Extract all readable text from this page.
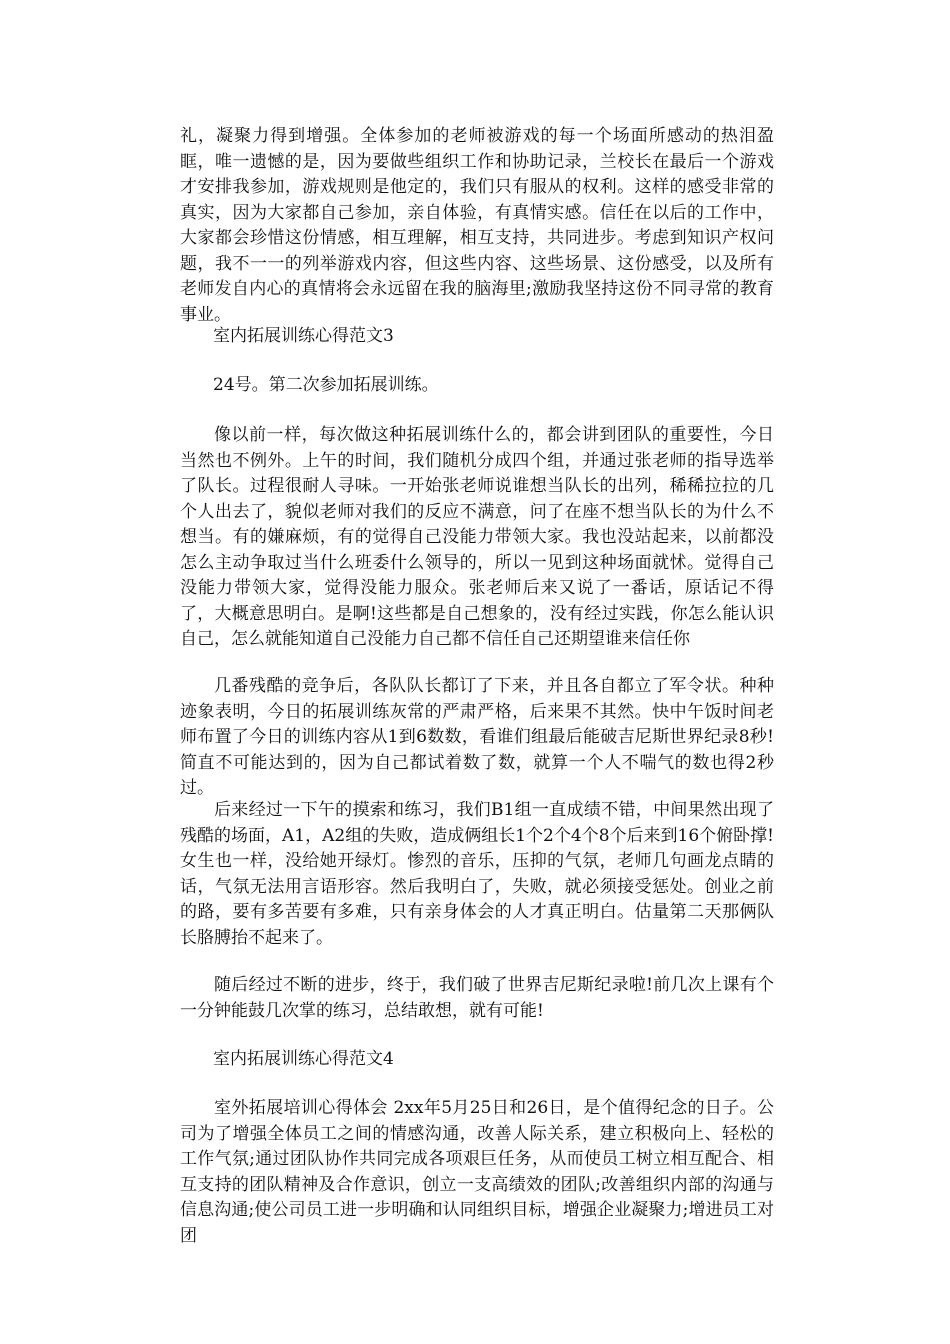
礼，凝聚力得到增强。全体参加的老师被游戏的每一个场面所感动的热泪盈眶，唯一遗憾的是，因为要做些组织工作和协助记录，兰校长在最后一个游戏才安排我参加，游戏规则是他定的，我们只有服从的权利。这样的感受非常的真实，因为大家都自己参加，亲自体验，有真情实感。信任在以后的工作中，大家都会珍惜这份情感，相互理解，相互支持，共同进步。考虑到知识产权问题，我不一一的列举游戏内容，但这些内容、这些场景、这份感受，以及所有老师发自内心的真情将会永远留在我的脑海里;激励我坚持这份不同寻常的教育事业。

室内拓展训练心得范文3

24号。第二次参加拓展训练。

像以前一样，每次做这种拓展训练什么的，都会讲到团队的重要性，今日当然也不例外。上午的时间，我们随机分成四个组，并通过张老师的指导选举了队长。过程很耐人寻味。一开始张老师说谁想当队长的出列，稀稀拉拉的几个人出去了，貌似老师对我们的反应不满意，问了在座不想当队长的为什么不想当。有的嫌麻烦，有的觉得自己没能力带领大家。我也没站起来，以前都没怎么主动争取过当什么班委什么领导的，所以一见到这种场面就怵。觉得自己没能力带领大家，觉得没能力服众。张老师后来又说了一番话，原话记不得了，大概意思明白。是啊!这些都是自己想象的，没有经过实践，你怎么能认识自己，怎么就能知道自己没能力自己都不信任自己还期望谁来信任你

几番残酷的竞争后，各队队长都订了下来，并且各自都立了军令状。种种迹象表明，今日的拓展训练灰常的严肃严格，后来果不其然。快中午饭时间老师布置了今日的训练内容从1到6数数，看谁们组最后能破吉尼斯世界纪录8秒!简直不可能达到的，因为自己都试着数了数，就算一个人不喘气的数也得2秒过。

后来经过一下午的摸索和练习，我们B1组一直成绩不错，中间果然出现了残酷的场面，A1，A2组的失败，造成俩组长1个2个4个8个后来到16个俯卧撑!女生也一样，没给她开绿灯。惨烈的音乐，压抑的气氛，老师几句画龙点睛的话，气氛无法用言语形容。然后我明白了，失败，就必须接受惩处。创业之前的路，要有多苦要有多难，只有亲身体会的人才真正明白。估量第二天那俩队长胳膊抬不起来了。

随后经过不断的进步，终于，我们破了世界吉尼斯纪录啦!前几次上课有个一分钟能鼓几次掌的练习，总结敢想，就有可能!

室内拓展训练心得范文4

室外拓展培训心得体会 2xx年5月25日和26日，是个值得纪念的日子。公司为了增强全体员工之间的情感沟通，改善人际关系，建立积极向上、轻松的工作气氛;通过团队协作共同完成各项艰巨任务，从而使员工树立相互配合、相互支持的团队精神及合作意识，创立一支高绩效的团队;改善组织内部的沟通与信息沟通;使公司员工进一步明确和认同组织目标，增强企业凝聚力;增进员工对团
